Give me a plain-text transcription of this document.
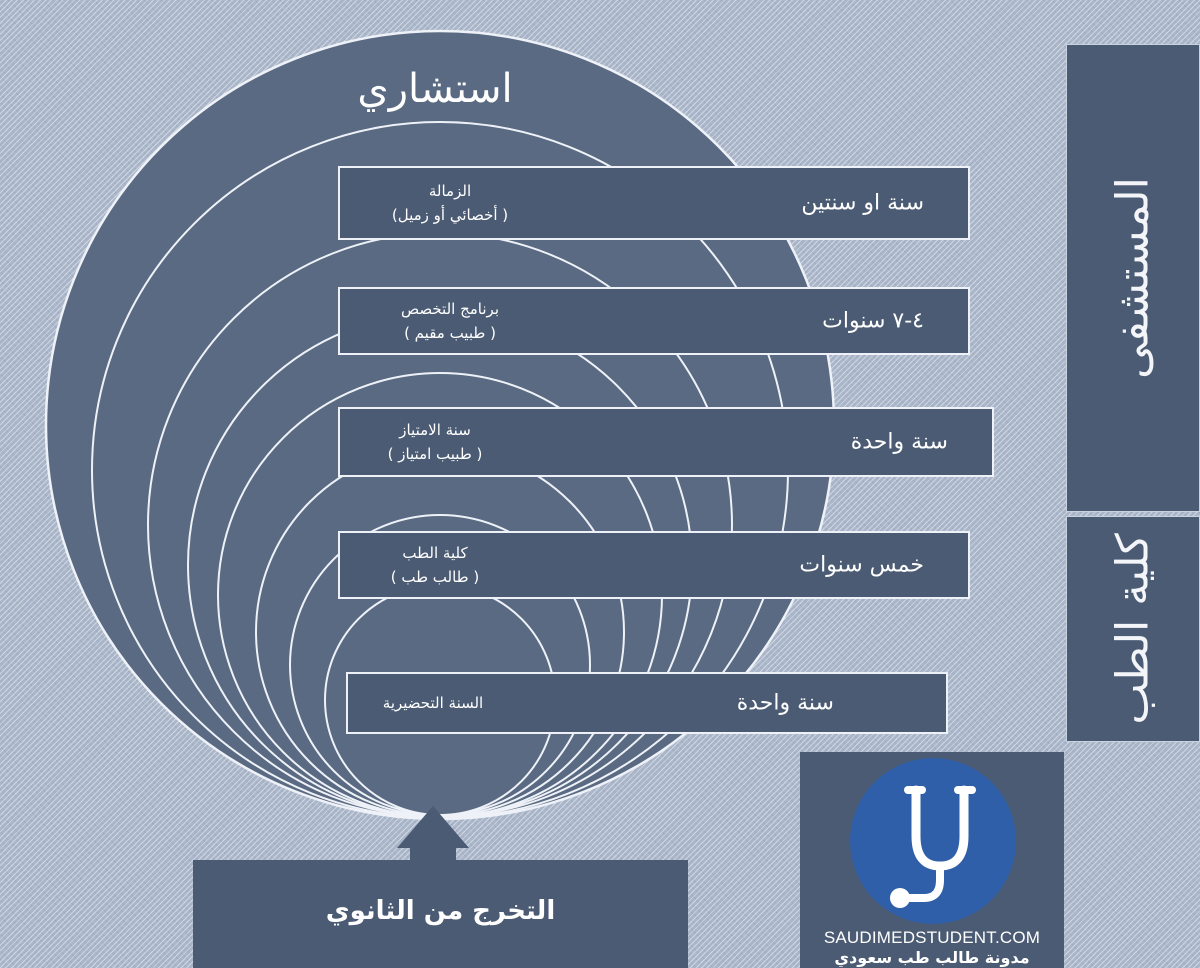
استشاري
سنة او سنتين
الزمالة
( أخصائي أو زميل)
٤-٧ سنوات
برنامج التخصص
( طبيب مقيم )
سنة واحدة
سنة الامتياز
( طبيب امتياز )
خمس سنوات
كلية الطب
( طالب طب )
سنة واحدة
السنة التحضيرية
المستشفى
كلية الطب
التخرج من الثانوي
SAUDIMEDSTUDENT.COM
مدونة طالب طب سعودي
